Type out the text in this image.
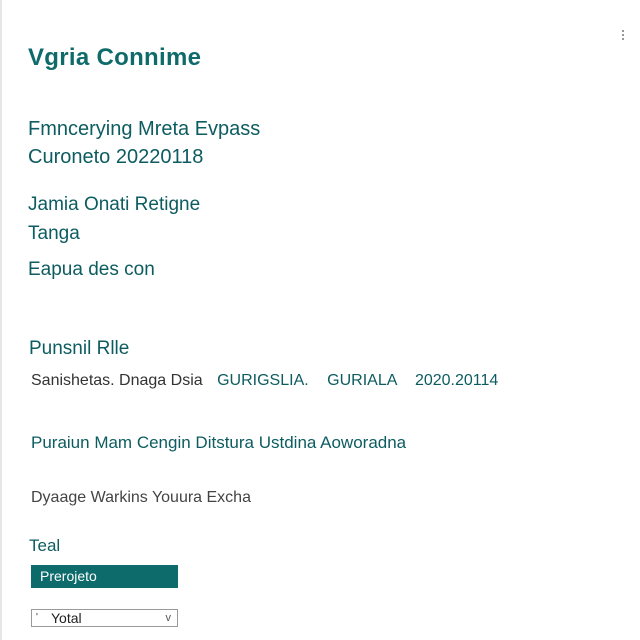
Vgria Connime
Fmncerying Mreta Evpass
Curoneto 20220118
Jamia Onati Retigne
Tangа
Eapua des con
Punsnil Rlle
Sanishetas. Dnaga Dsia GURIGSLIA. GURIALA 2020.20114
Puraiun Mam Cengin Ditstura Ustdina Aoworadna
Dyaage Warkins Youura Excha
Teal
Prerojeto
' Yotal	v
